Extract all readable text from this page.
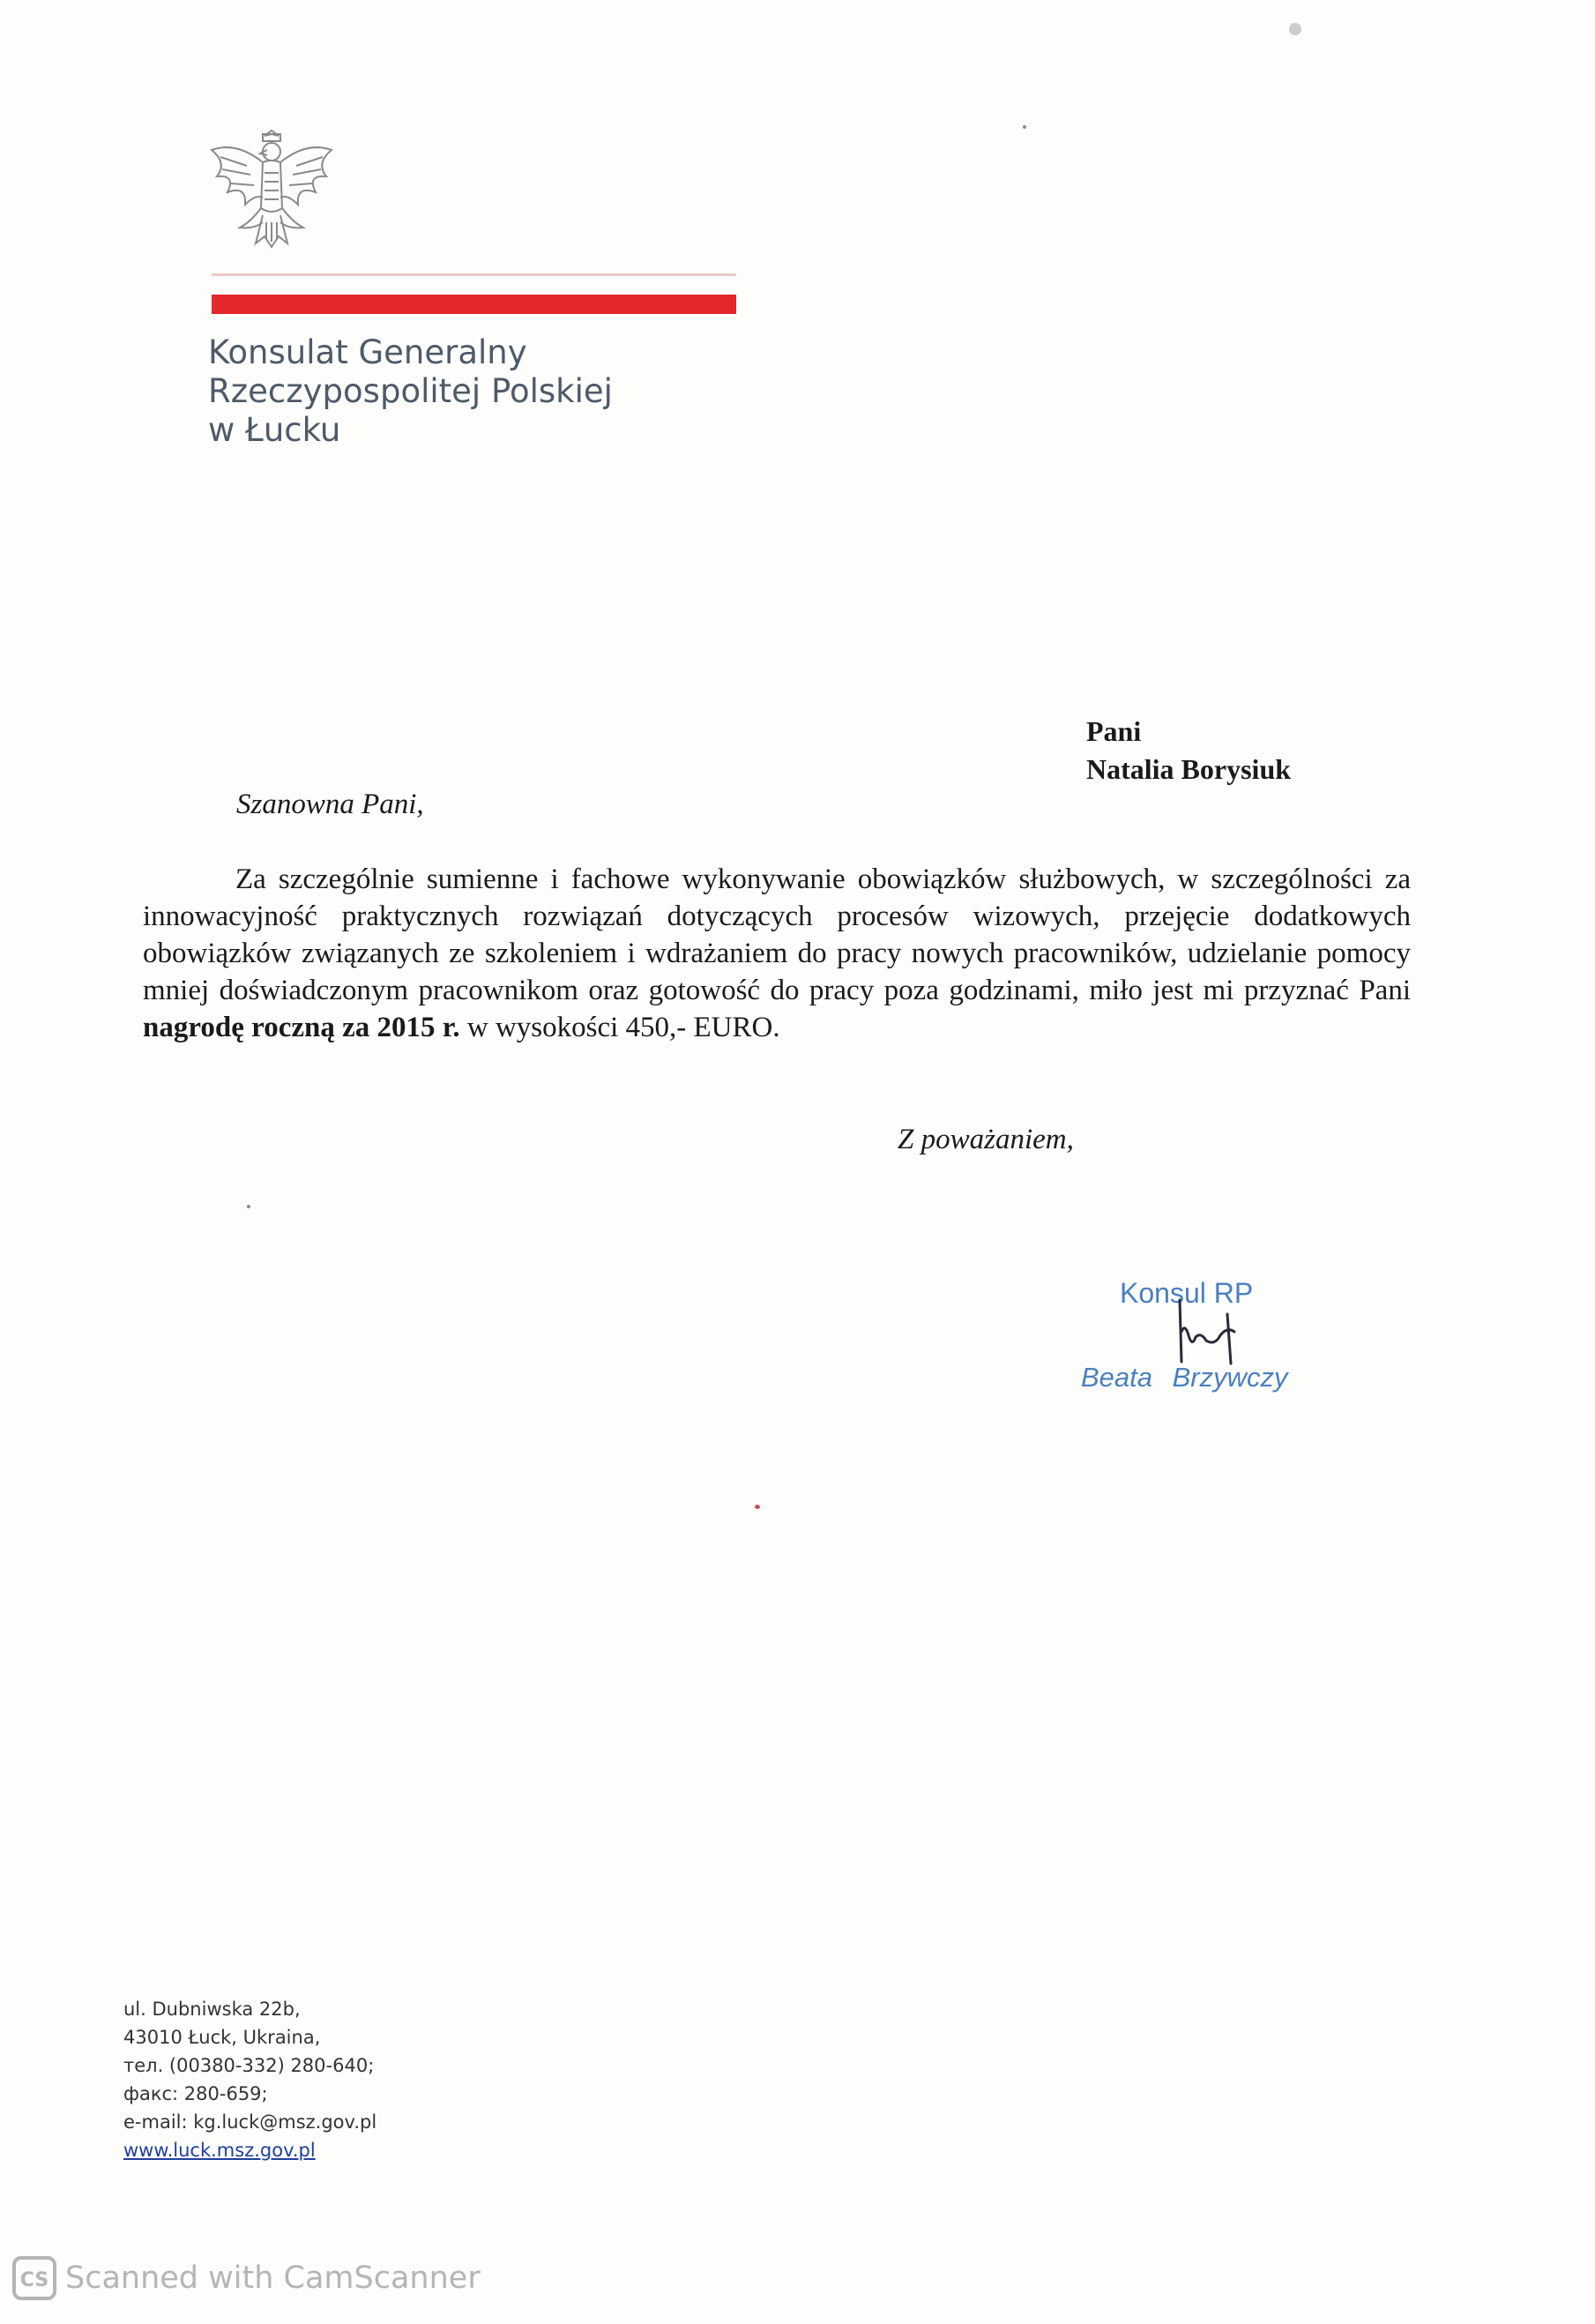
Konsulat Generalny
Rzeczypospolitej Polskiej
w Łucku
Pani
Natalia Borysiuk
Szanowna Pani,
Za szczególnie sumienne i fachowe wykonywanie obowiązków służbowych, w szczególności za innowacyjność praktycznych rozwiązań dotyczących procesów wizowych, przejęcie dodatkowych obowiązków związanych ze szkoleniem i wdrażaniem do pracy nowych pracowników, udzielanie pomocy mniej doświadczonym pracownikom oraz gotowość do pracy poza godzinami, miło jest mi przyznać Pani nagrodę roczną za 2015 r. w wysokości 450,- EURO.
Z poważaniem,
Konsul RP
Beata Brzywczy
ul. Dubniwska 22b,
43010 Łuck, Ukraina,
тел. (00380-332) 280-640;
факс: 280-659;
e-mail: kg.luck@msz.gov.pl
www.luck.msz.gov.pl
CS Scanned with CamScanner
